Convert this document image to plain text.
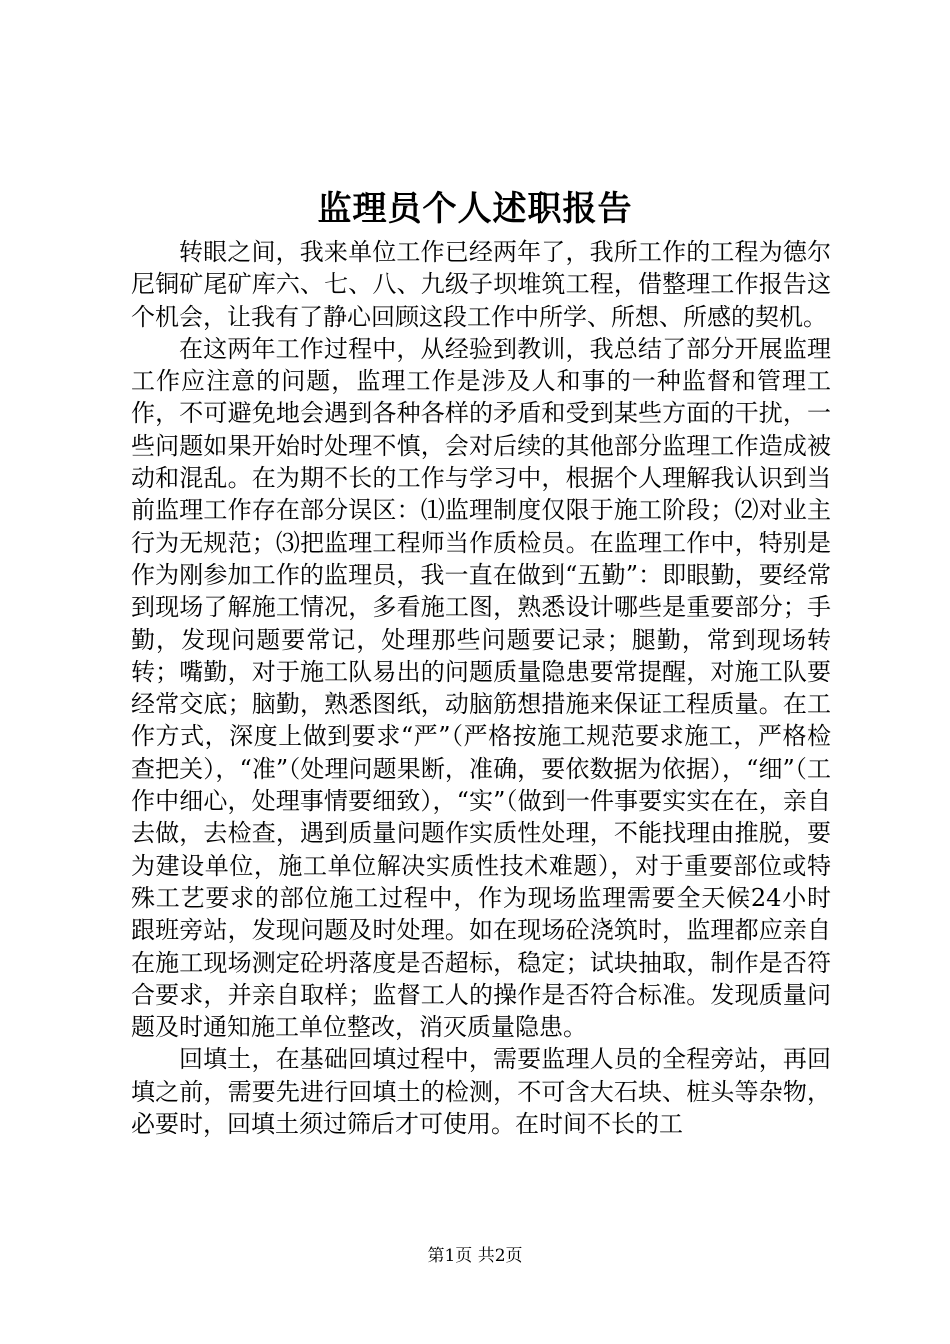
监理员个人述职报告

转眼之间，我来单位工作已经两年了，我所工作的工程为德尔尼铜矿尾矿库六、七、八、九级子坝堆筑工程，借整理工作报告这个机会，让我有了静心回顾这段工作中所学、所想、所感的契机。

在这两年工作过程中，从经验到教训，我总结了部分开展监理工作应注意的问题，监理工作是涉及人和事的一种监督和管理工作，不可避免地会遇到各种各样的矛盾和受到某些方面的干扰，一些问题如果开始时处理不慎，会对后续的其他部分监理工作造成被动和混乱。在为期不长的工作与学习中，根据个人理解我认识到当前监理工作存在部分误区：⑴监理制度仅限于施工阶段；⑵对业主行为无规范；⑶把监理工程师当作质检员。在监理工作中，特别是作为刚参加工作的监理员，我一直在做到“五勤”：即眼勤，要经常到现场了解施工情况，多看施工图，熟悉设计哪些是重要部分；手勤，发现问题要常记，处理那些问题要记录；腿勤，常到现场转转；嘴勤，对于施工队易出的问题质量隐患要常提醒，对施工队要经常交底；脑勤，熟悉图纸，动脑筋想措施来保证工程质量。在工作方式，深度上做到要求“严”（严格按施工规范要求施工，严格检查把关），“准”（处理问题果断，准确，要依数据为依据），“细”（工作中细心，处理事情要细致），“实”（做到一件事要实实在在，亲自去做，去检查，遇到质量问题作实质性处理，不能找理由推脱，要为建设单位，施工单位解决实质性技术难题），对于重要部位或特殊工艺要求的部位施工过程中，作为现场监理需要全天候24小时跟班旁站，发现问题及时处理。如在现场砼浇筑时，监理都应亲自在施工现场测定砼坍落度是否超标，稳定；试块抽取，制作是否符合要求，并亲自取样；监督工人的操作是否符合标准。发现质量问题及时通知施工单位整改，消灭质量隐患。

回填土，在基础回填过程中，需要监理人员的全程旁站，再回填之前，需要先进行回填土的检测，不可含大石块、桩头等杂物，必要时，回填土须过筛后才可使用。在时间不长的工

第1页 共2页
